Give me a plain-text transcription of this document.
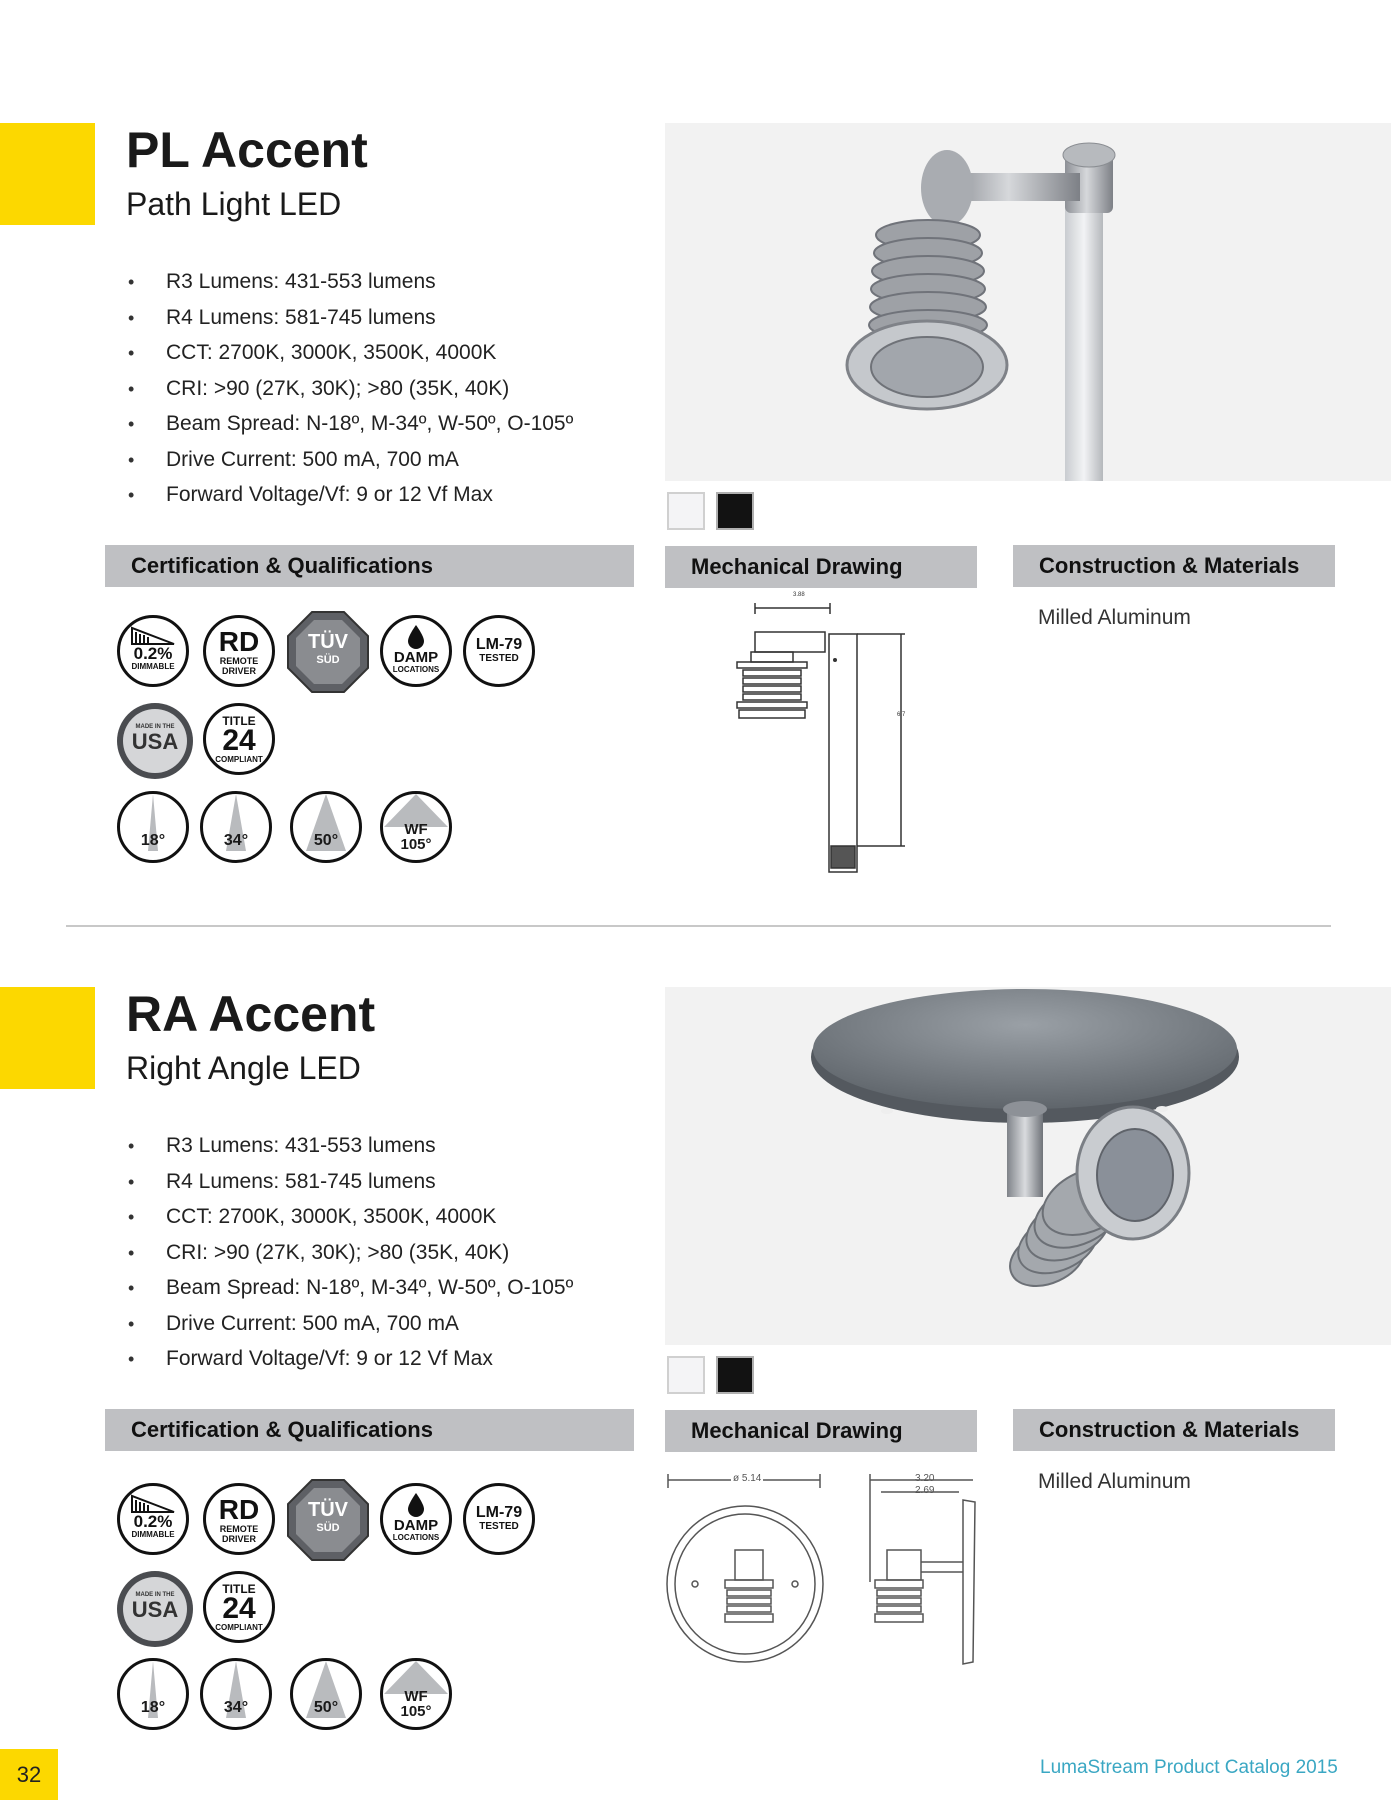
PL Accent
Path Light LED
• R3 Lumens: 431-553 lumens
• R4 Lumens: 581-745 lumens
• CCT: 2700K, 3000K, 3500K, 4000K
• CRI: >90 (27K, 30K); >80 (35K, 40K)
• Beam Spread: N-18º, M-34º, W-50º, O-105º
• Drive Current: 500 mA, 700 mA
• Forward Voltage/Vf: 9 or 12 Vf Max
Certification & Qualifications	Mechanical Drawing	Construction & Materials
Milled Aluminum
0.2%
DIMMABLE
RD
REMOTE
DRIVER
TÜV
SÜD	DAMP
LOCATIONS
LM-79
TESTED
MADE IN THE
USA
TITLE
24
COMPLIANT
18°	34°	50°
WF
105°
3.88
6.7
RA Accent
Right Angle LED
• R3 Lumens: 431-553 lumens
• R4 Lumens: 581-745 lumens
• CCT: 2700K, 3000K, 3500K, 4000K
• CRI: >90 (27K, 30K); >80 (35K, 40K)
• Beam Spread: N-18º, M-34º, W-50º, O-105º
• Drive Current: 500 mA, 700 mA
• Forward Voltage/Vf: 9 or 12 Vf Max
Certification & Qualifications	Mechanical Drawing	Construction & Materials
Milled Aluminum
0.2%
DIMMABLE
RD
REMOTE
DRIVER
TÜV
SÜD	DAMP
LOCATIONS
LM-79
TESTED
MADE IN THE
USA
TITLE
24
COMPLIANT
18°	34°	50°
WF
105°
ø 5.14	3.20
2.69
32	LumaStream Product Catalog 2015
